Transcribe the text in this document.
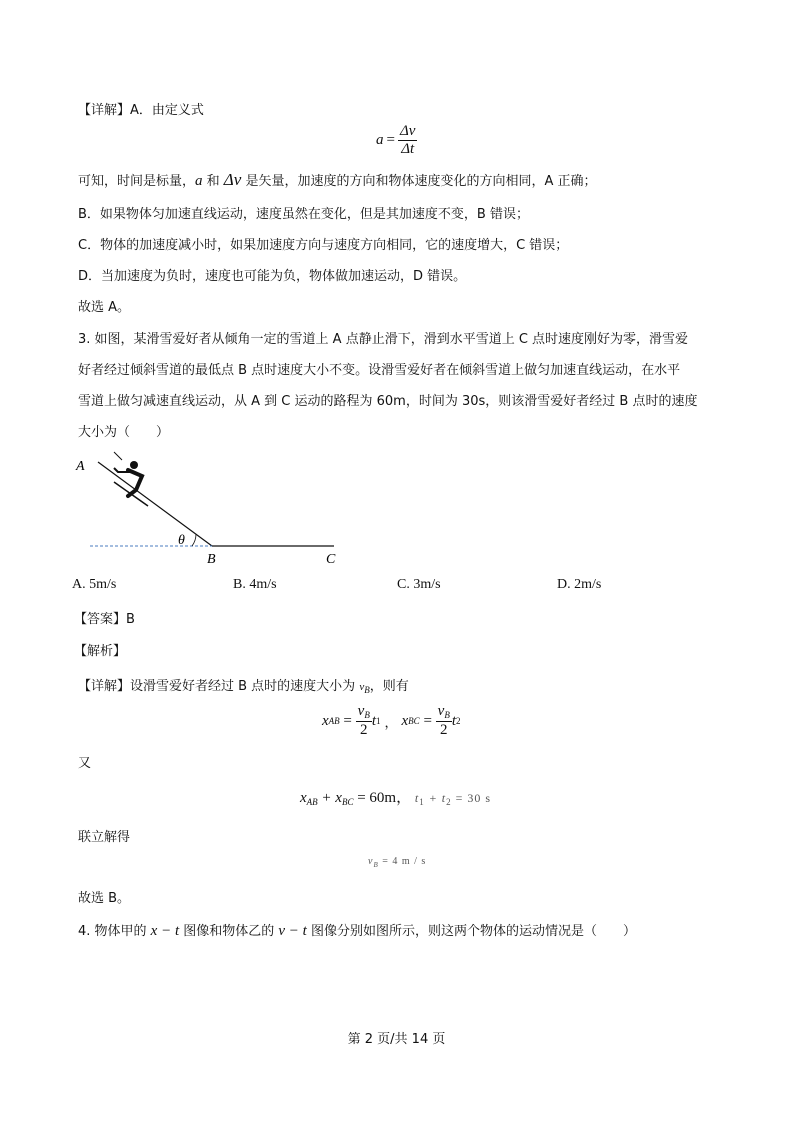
【详解】A．由定义式
$a = \frac{\Delta v}{\Delta t}$
可知，时间是标量，a 和 Δv 是矢量，加速度的方向和物体速度变化的方向相同，A 正确；
B．如果物体匀加速直线运动，速度虽然在变化，但是其加速度不变，B 错误；
C．物体的加速度减小时，如果加速度方向与速度方向相同，它的速度增大，C 错误；
D．当加速度为负时，速度也可能为负，物体做加速运动，D 错误。
故选 A。
3. 如图，某滑雪爱好者从倾角一定的雪道上 A 点静止滑下，滑到水平雪道上 C 点时速度刚好为零，滑雪爱
好者经过倾斜雪道的最低点 B 点时速度大小不变。设滑雪爱好者在倾斜雪道上做匀加速直线运动，在水平
雪道上做匀减速直线运动，从 A 到 C 运动的路程为 60m，时间为 30s，则该滑雪爱好者经过 B 点时的速度
大小为（　　）
A
B	C
θ
A. 5m/s	B. 4m/s	C. 3m/s	D. 2m/s
【答案】B
【解析】
【详解】设滑雪爱好者经过 B 点时的速度大小为 $v_B$，则有
x AB = $\frac{v_B}{2}$ t 1 ， x BC = $\frac{v_B}{2}$ t 2
又
$x_{AB} + x_{BC} = 60m$， $t_1 + t_2 = 30$ s
联立解得
$v_B = 4$ m / s
故选 B。
4. 物体甲的 x − t 图像和物体乙的 v − t 图像分别如图所示，则这两个物体的运动情况是（　　）
第 2 页/共 14 页
